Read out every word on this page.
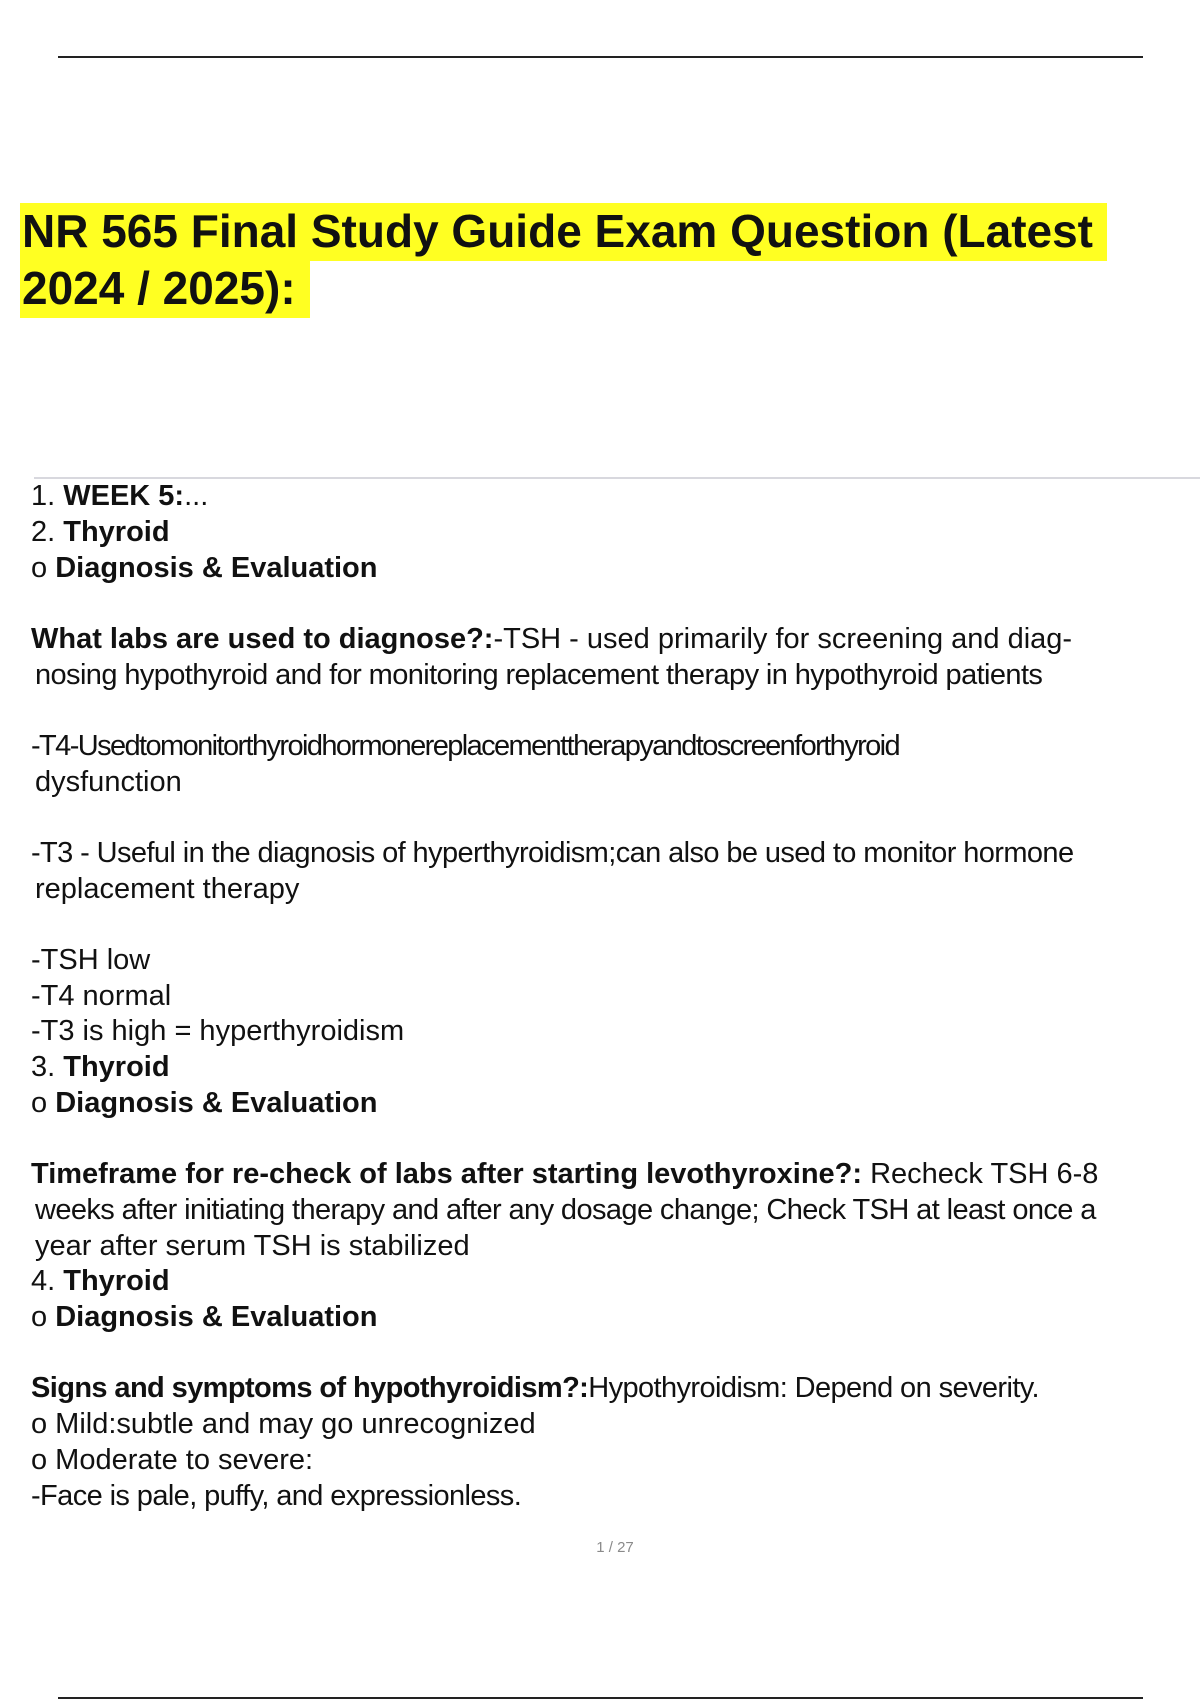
NR 565 Final Study Guide Exam Question (Latest
2024 / 2025):
1. WEEK 5:...
2. Thyroid
o Diagnosis & Evaluation
What labs are used to diagnose?:-TSH - used primarily for screening and diag-
nosing hypothyroid and for monitoring replacement therapy in hypothyroid patients
-T4-Usedtomonitorthyroidhormonereplacementtherapyandtoscreenforthyroid
dysfunction
-T3 - Useful in the diagnosis of hyperthyroidism;can also be used to monitor hormone
replacement therapy
-TSH low
-T4 normal
-T3 is high = hyperthyroidism
3. Thyroid
o Diagnosis & Evaluation
Timeframe for re-check of labs after starting levothyroxine?: Recheck TSH 6-8
weeks after initiating therapy and after any dosage change; Check TSH at least once a
year after serum TSH is stabilized
4. Thyroid
o Diagnosis & Evaluation
Signs and symptoms of hypothyroidism?:Hypothyroidism: Depend on severity.
o Mild:subtle and may go unrecognized
o Moderate to severe:
-Face is pale, puffy, and expressionless.
1 / 27
